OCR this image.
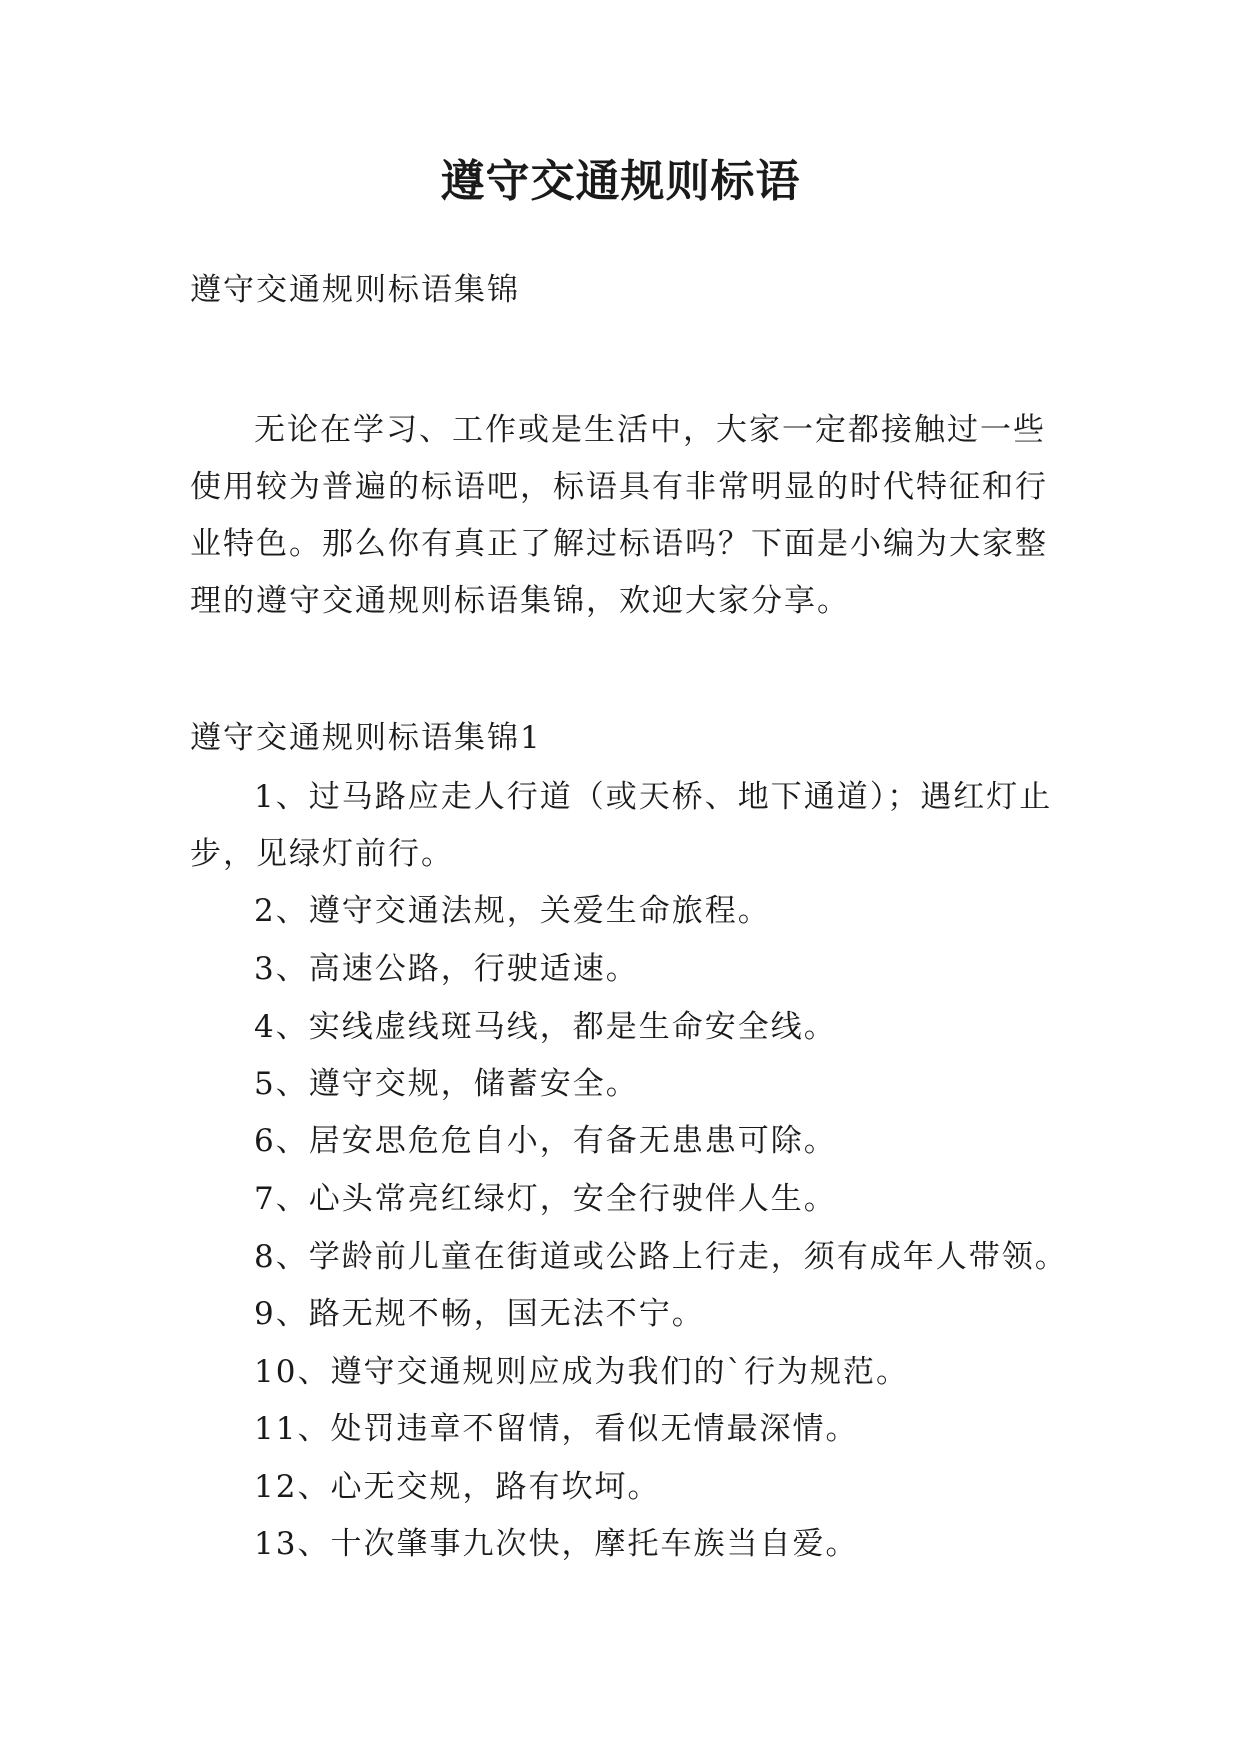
遵守交通规则标语
遵守交通规则标语集锦
无论在学习、工作或是生活中，大家一定都接触过一些
使用较为普遍的标语吧，标语具有非常明显的时代特征和行
业特色。那么你有真正了解过标语吗？下面是小编为大家整
理的遵守交通规则标语集锦，欢迎大家分享。
遵守交通规则标语集锦1
1、过马路应走人行道（或天桥、地下通道）；遇红灯止
步，见绿灯前行。
2、遵守交通法规，关爱生命旅程。
3、高速公路，行驶适速。
4、实线虚线斑马线，都是生命安全线。
5、遵守交规，储蓄安全。
6、居安思危危自小，有备无患患可除。
7、心头常亮红绿灯，安全行驶伴人生。
8、学龄前儿童在街道或公路上行走，须有成年人带领。
9、路无规不畅，国无法不宁。
10、遵守交通规则应成为我们的`行为规范。
11、处罚违章不留情，看似无情最深情。
12、心无交规，路有坎坷。
13、十次肇事九次快，摩托车族当自爱。
